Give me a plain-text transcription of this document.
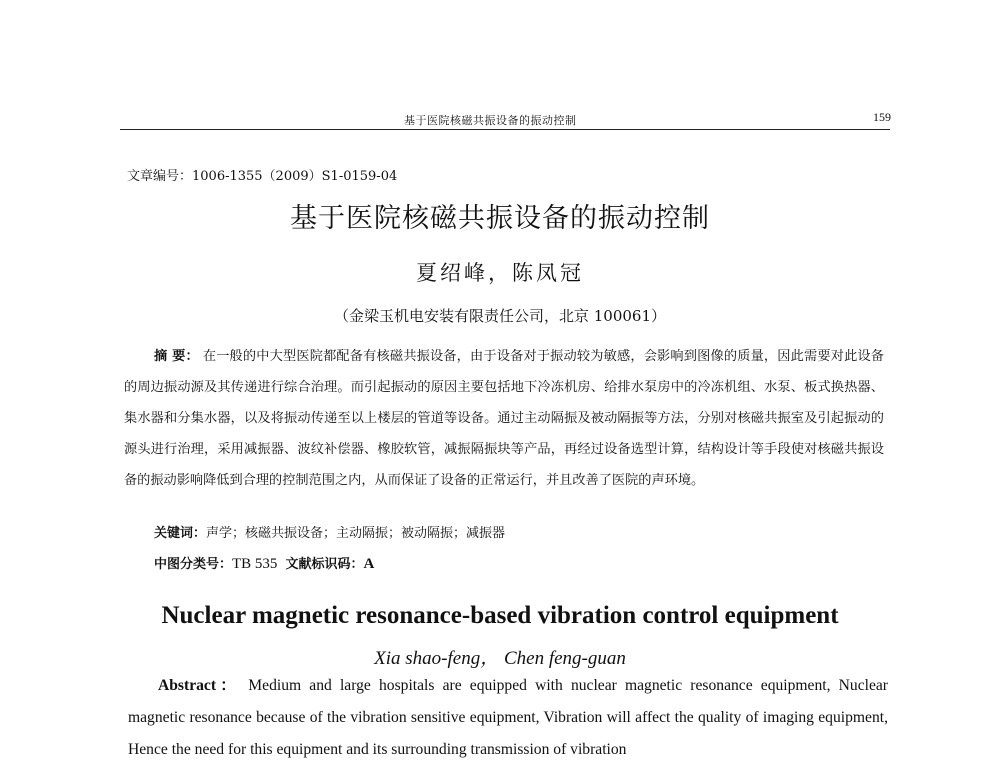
基于医院核磁共振设备的振动控制	159
文章编号：1006-1355（2009）S1-0159-04
基于医院核磁共振设备的振动控制
夏绍峰，陈凤冠
（金梁玉机电安装有限责任公司，北京 100061）
摘 要： 在一般的中大型医院都配备有核磁共振设备，由于设备对于振动较为敏感，会影响到图像的质量，因此需要对此设备的周边振动源及其传递进行综合治理。而引起振动的原因主要包括地下冷冻机房、给排水泵房中的冷冻机组、水泵、板式换热器、集水器和分集水器，以及将振动传递至以上楼层的管道等设备。通过主动隔振及被动隔振等方法，分别对核磁共振室及引起振动的源头进行治理，采用减振器、波纹补偿器、橡胶软管，减振隔振块等产品，再经过设备选型计算，结构设计等手段使对核磁共振设备的振动影响降低到合理的控制范围之内，从而保证了设备的正常运行，并且改善了医院的声环境。
关键词：声学；核磁共振设备；主动隔振；被动隔振；减振器
中图分类号：TB 535 文献标识码：A
Nuclear magnetic resonance-based vibration control equipment
Xia shao-feng， Chen feng-guan
Abstract： Medium and large hospitals are equipped with nuclear magnetic resonance equipment, Nuclear magnetic resonance because of the vibration sensitive equipment, Vibration will affect the quality of imaging equipment, Hence the need for this equipment and its surrounding transmission of vibration
